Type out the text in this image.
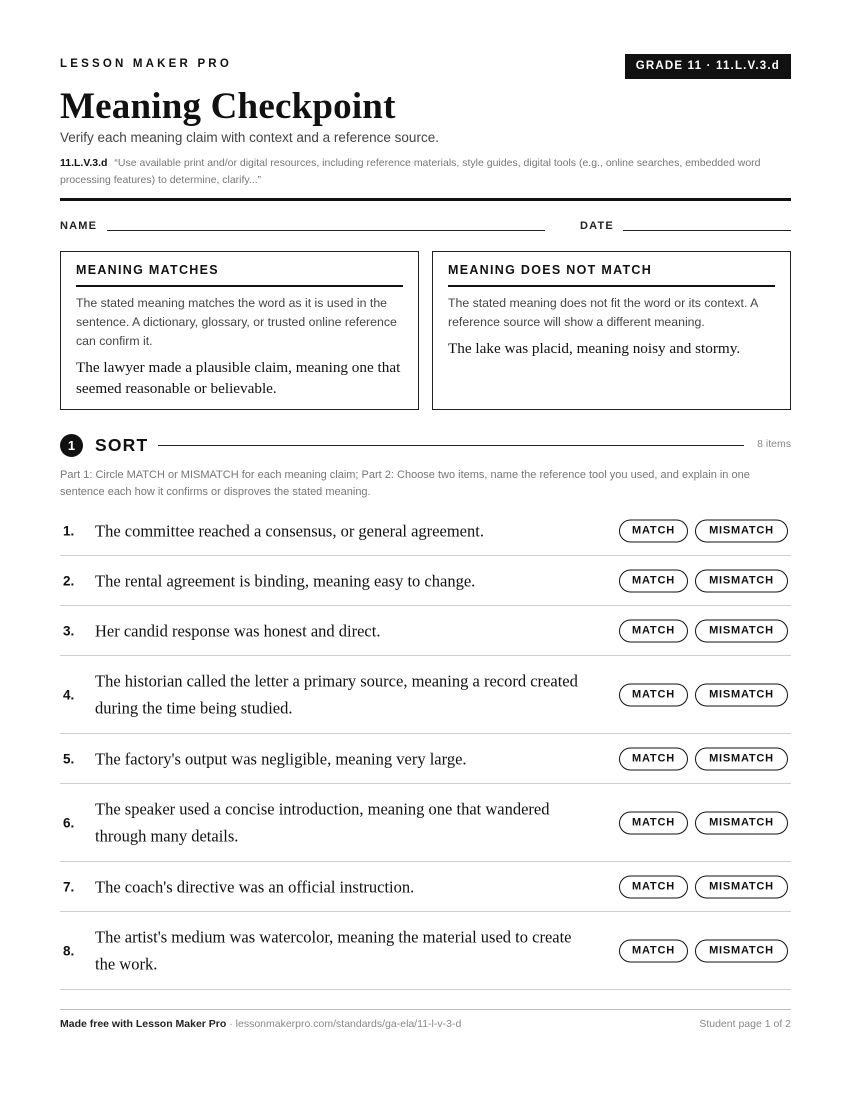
LESSON MAKER PRO	GRADE 11 · 11.L.V.3.d
Meaning Checkpoint
Verify each meaning claim with context and a reference source.
11.L.V.3.d “Use available print and/or digital resources, including reference materials, style guides, digital tools (e.g., online searches, embedded word processing features) to determine, clarify...”
NAME	DATE
MEANING MATCHES
The stated meaning matches the word as it is used in the sentence. A dictionary, glossary, or trusted online reference can confirm it.
The lawyer made a plausible claim, meaning one that seemed reasonable or believable.
MEANING DOES NOT MATCH
The stated meaning does not fit the word or its context. A reference source will show a different meaning.
The lake was placid, meaning noisy and stormy.
1	SORT	8 items
Part 1: Circle MATCH or MISMATCH for each meaning claim; Part 2: Choose two items, name the reference tool you used, and explain in one sentence each how it confirms or disproves the stated meaning.
1. The committee reached a consensus, or general agreement.	MATCH	MISMATCH
2. The rental agreement is binding, meaning easy to change.	MATCH	MISMATCH
3. Her candid response was honest and direct.	MATCH	MISMATCH
4.
The historian called the letter a primary source, meaning a record created during the time being studied.
MATCH	MISMATCH
5. The factory's output was negligible, meaning very large.	MATCH	MISMATCH
6.
The speaker used a concise introduction, meaning one that wandered through many details.
MATCH	MISMATCH
7. The coach's directive was an official instruction.	MATCH	MISMATCH
8.
The artist's medium was watercolor, meaning the material used to create the work.
MATCH	MISMATCH
Made free with Lesson Maker Pro · lessonmakerpro.com/standards/ga-ela/11-l-v-3-d	Student page 1 of 2
